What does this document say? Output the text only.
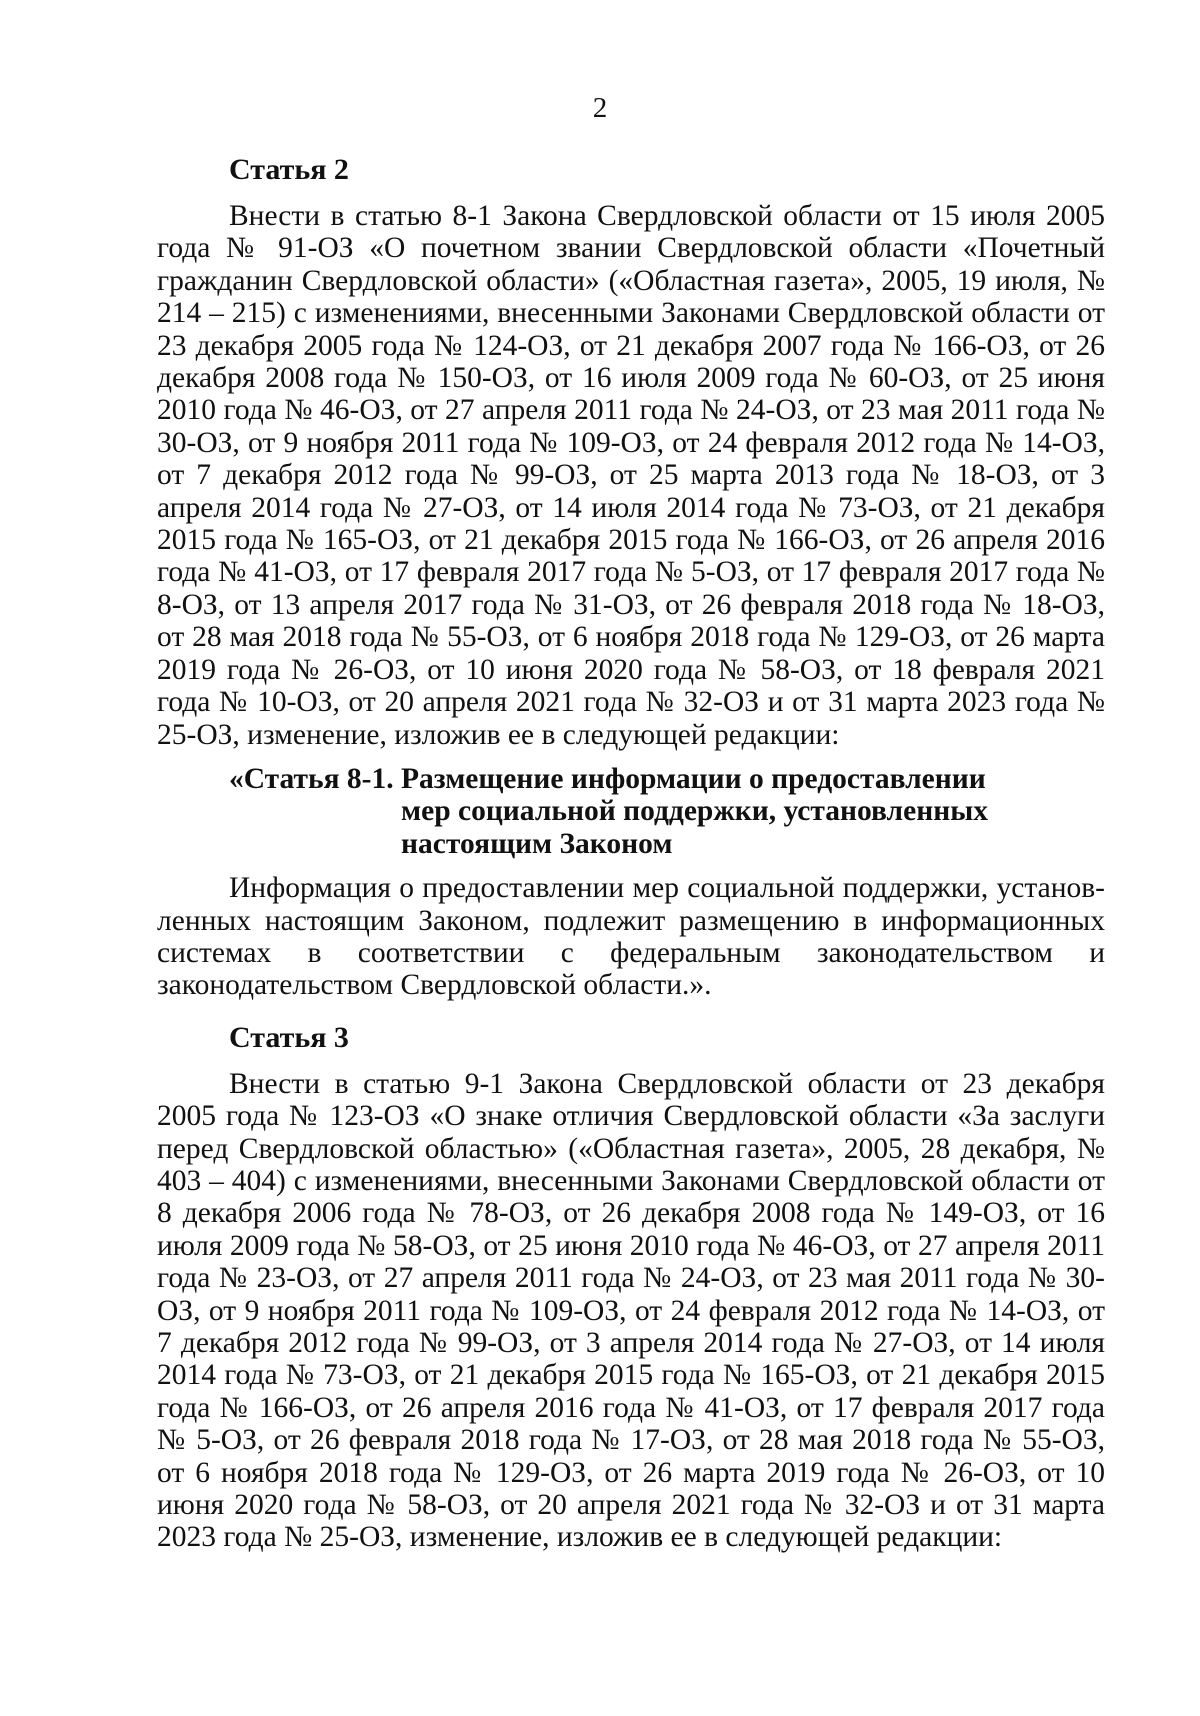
2
Статья 2

Внести в статью 8-1 Закона Свердловской области от 15 июля 2005 года № 91-ОЗ «О почетном звании Свердловской области «Почетный гражданин Свердловской области» («Областная газета», 2005, 19 июля, № 214 – 215) с изменениями, внесенными Законами Свердловской области от 23 декабря 2005 года № 124-ОЗ, от 21 декабря 2007 года № 166-ОЗ, от 26 декабря 2008 года № 150-ОЗ, от 16 июля 2009 года № 60-ОЗ, от 25 июня 2010 года № 46-ОЗ, от 27 апреля 2011 года № 24-ОЗ, от 23 мая 2011 года № 30-ОЗ, от 9 ноября 2011 года № 109-ОЗ, от 24 февраля 2012 года № 14-ОЗ, от 7 декабря 2012 года № 99-ОЗ, от 25 марта 2013 года № 18-ОЗ, от 3 апреля 2014 года № 27-ОЗ, от 14 июля 2014 года № 73-ОЗ, от 21 декабря 2015 года № 165-ОЗ, от 21 декабря 2015 года № 166-ОЗ, от 26 апреля 2016 года № 41-ОЗ, от 17 февраля 2017 года № 5-ОЗ, от 17 февраля 2017 года № 8-ОЗ, от 13 апреля 2017 года № 31-ОЗ, от 26 февраля 2018 года № 18-ОЗ, от 28 мая 2018 года № 55-ОЗ, от 6 ноября 2018 года № 129-ОЗ, от 26 марта 2019 года № 26-ОЗ, от 10 июня 2020 года № 58-ОЗ, от 18 февраля 2021 года № 10-ОЗ, от 20 апреля 2021 года № 32-ОЗ и от 31 марта 2023 года № 25-ОЗ, изменение, изложив ее в следующей редакции:

«Статья 8-1. Размещение информации о предоставлении
мер социальной поддержки, установленных
настоящим Законом

Информация о предоставлении мер социальной поддержки, установленных настоящим Законом, подлежит размещению в информационных системах в соответствии с федеральным законодательством и законодательством Свердловской области.».

Статья 3

Внести в статью 9-1 Закона Свердловской области от 23 декабря 2005 года № 123-ОЗ «О знаке отличия Свердловской области «За заслуги перед Свердловской областью» («Областная газета», 2005, 28 декабря, № 403 – 404) с изменениями, внесенными Законами Свердловской области от 8 декабря 2006 года № 78-ОЗ, от 26 декабря 2008 года № 149-ОЗ, от 16 июля 2009 года № 58-ОЗ, от 25 июня 2010 года № 46-ОЗ, от 27 апреля 2011 года № 23-ОЗ, от 27 апреля 2011 года № 24-ОЗ, от 23 мая 2011 года № 30-ОЗ, от 9 ноября 2011 года № 109-ОЗ, от 24 февраля 2012 года № 14-ОЗ, от 7 декабря 2012 года № 99-ОЗ, от 3 апреля 2014 года № 27-ОЗ, от 14 июля 2014 года № 73-ОЗ, от 21 декабря 2015 года № 165-ОЗ, от 21 декабря 2015 года № 166-ОЗ, от 26 апреля 2016 года № 41-ОЗ, от 17 февраля 2017 года № 5-ОЗ, от 26 февраля 2018 года № 17-ОЗ, от 28 мая 2018 года № 55-ОЗ, от 6 ноября 2018 года № 129-ОЗ, от 26 марта 2019 года № 26-ОЗ, от 10 июня 2020 года № 58-ОЗ, от 20 апреля 2021 года № 32-ОЗ и от 31 марта 2023 года № 25-ОЗ, изменение, изложив ее в следующей редакции:
